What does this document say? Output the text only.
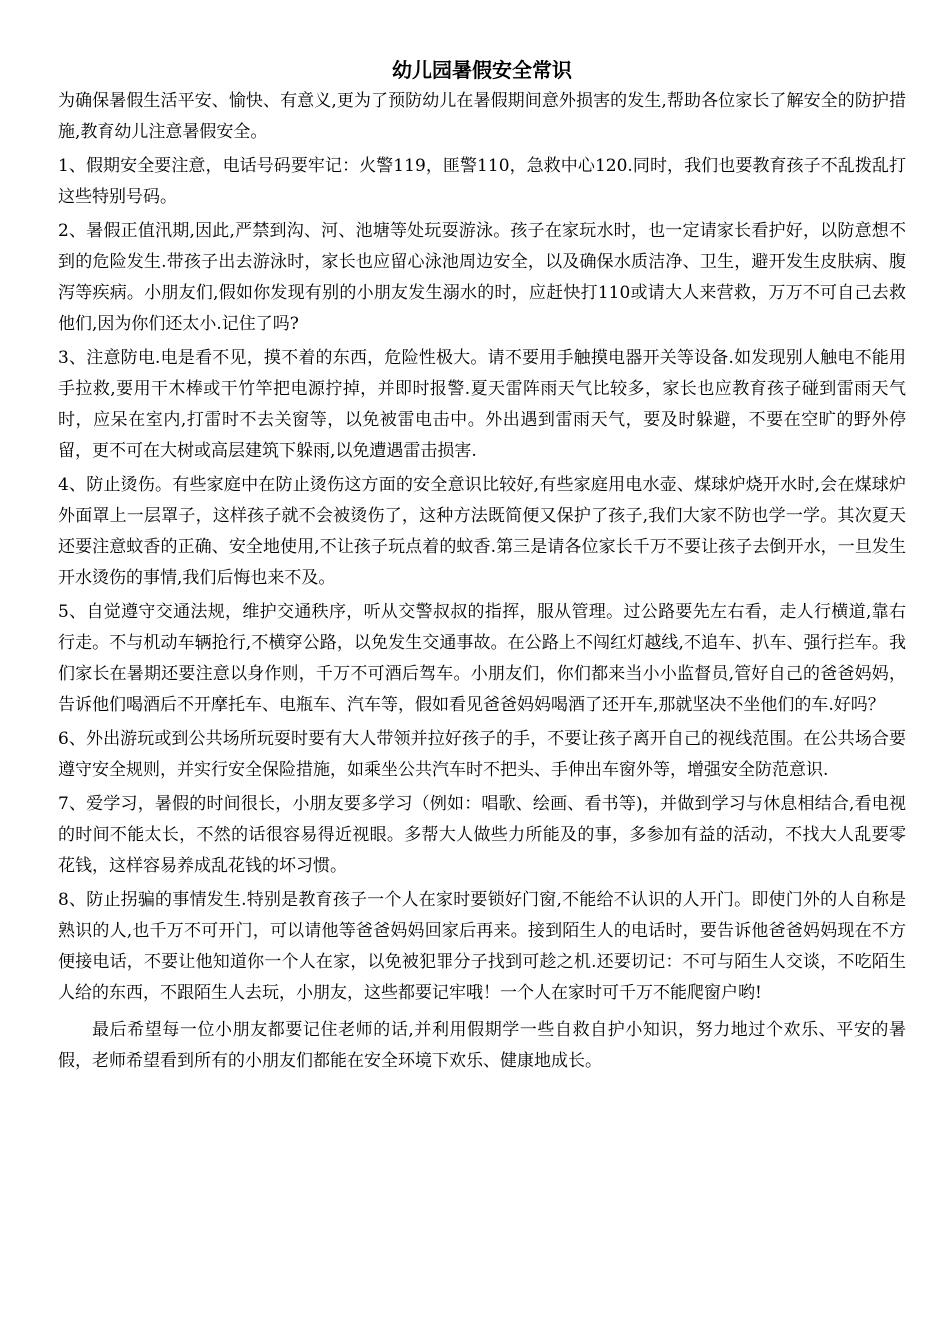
幼儿园暑假安全常识

为确保暑假生活平安、愉快、有意义,更为了预防幼儿在暑假期间意外损害的发生,帮助各位家长了解安全的防护措施,教育幼儿注意暑假安全。

1、假期安全要注意，电话号码要牢记：火警119，匪警110，急救中心120.同时，我们也要教育孩子不乱拨乱打这些特别号码。

2、暑假正值汛期,因此,严禁到沟、河、池塘等处玩耍游泳。孩子在家玩水时，也一定请家长看护好，以防意想不到的危险发生.带孩子出去游泳时，家长也应留心泳池周边安全，以及确保水质洁净、卫生，避开发生皮肤病、腹泻等疾病。小朋友们,假如你发现有别的小朋友发生溺水的时，应赶快打110或请大人来营救，万万不可自己去救他们,因为你们还太小.记住了吗?

3、注意防电.电是看不见，摸不着的东西，危险性极大。请不要用手触摸电器开关等设备.如发现别人触电不能用手拉救,要用干木棒或干竹竿把电源拧掉，并即时报警.夏天雷阵雨天气比较多，家长也应教育孩子碰到雷雨天气时，应呆在室内,打雷时不去关窗等，以免被雷电击中。外出遇到雷雨天气，要及时躲避，不要在空旷的野外停留，更不可在大树或高层建筑下躲雨,以免遭遇雷击损害.

4、防止烫伤。有些家庭中在防止烫伤这方面的安全意识比较好,有些家庭用电水壶、煤球炉烧开水时,会在煤球炉外面罩上一层罩子，这样孩子就不会被烫伤了，这种方法既简便又保护了孩子,我们大家不防也学一学。其次夏天还要注意蚊香的正确、安全地使用,不让孩子玩点着的蚊香.第三是请各位家长千万不要让孩子去倒开水，一旦发生开水烫伤的事情,我们后悔也来不及。

5、自觉遵守交通法规，维护交通秩序，听从交警叔叔的指挥，服从管理。过公路要先左右看，走人行横道,靠右行走。不与机动车辆抢行,不横穿公路，以免发生交通事故。在公路上不闯红灯越线,不追车、扒车、强行拦车。我们家长在暑期还要注意以身作则，千万不可酒后驾车。小朋友们，你们都来当小小监督员,管好自己的爸爸妈妈，告诉他们喝酒后不开摩托车、电瓶车、汽车等，假如看见爸爸妈妈喝酒了还开车,那就坚决不坐他们的车.好吗？

6、外出游玩或到公共场所玩耍时要有大人带领并拉好孩子的手，不要让孩子离开自己的视线范围。在公共场合要遵守安全规则，并实行安全保险措施，如乘坐公共汽车时不把头、手伸出车窗外等，增强安全防范意识.

7、爱学习，暑假的时间很长，小朋友要多学习（例如：唱歌、绘画、看书等)，并做到学习与休息相结合,看电视的时间不能太长，不然的话很容易得近视眼。多帮大人做些力所能及的事，多参加有益的活动，不找大人乱要零花钱，这样容易养成乱花钱的坏习惯。

8、防止拐骗的事情发生.特别是教育孩子一个人在家时要锁好门窗,不能给不认识的人开门。即使门外的人自称是熟识的人,也千万不可开门，可以请他等爸爸妈妈回家后再来。接到陌生人的电话时，要告诉他爸爸妈妈现在不方便接电话，不要让他知道你一个人在家，以免被犯罪分子找到可趁之机.还要切记：不可与陌生人交谈，不吃陌生人给的东西，不跟陌生人去玩，小朋友，这些都要记牢哦！一个人在家时可千万不能爬窗户哟!

最后希望每一位小朋友都要记住老师的话,并利用假期学一些自救自护小知识，努力地过个欢乐、平安的暑假，老师希望看到所有的小朋友们都能在安全环境下欢乐、健康地成长。
